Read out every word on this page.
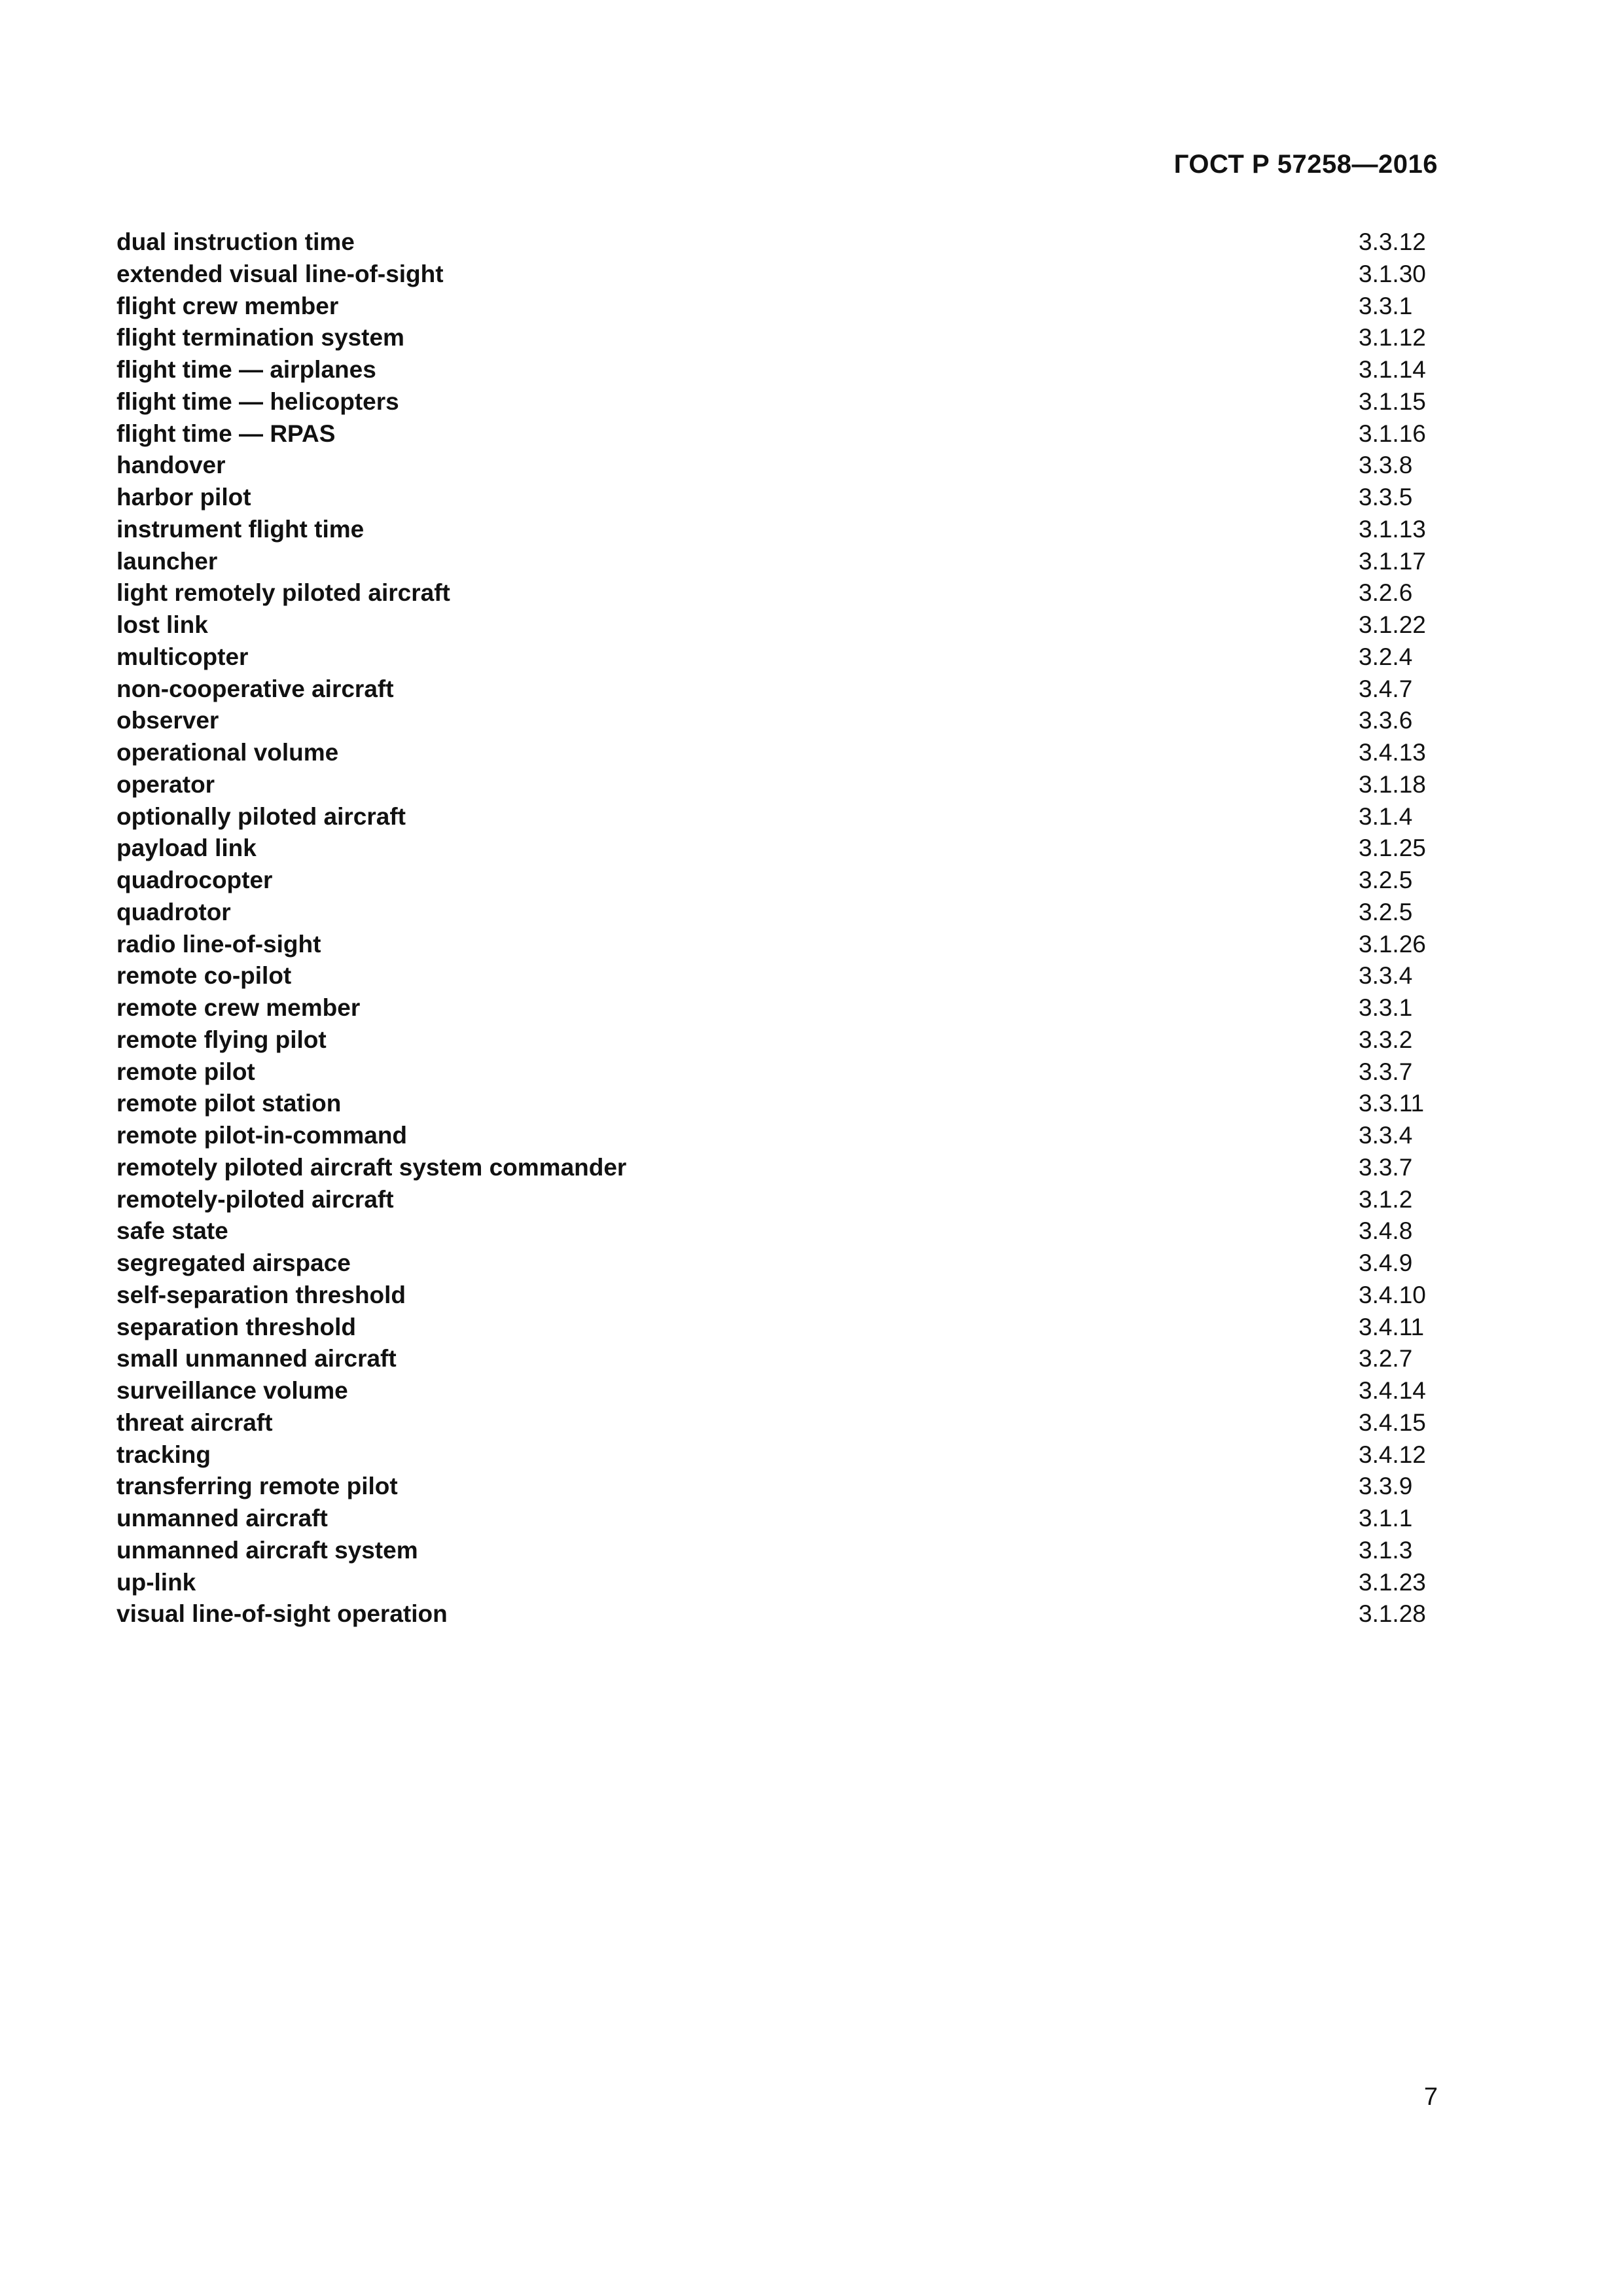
ГОСТ Р 57258—2016
dual instruction time	3.3.12
extended visual line-of-sight	3.1.30
flight crew member	3.3.1
flight termination system	3.1.12
flight time — airplanes	3.1.14
flight time — helicopters	3.1.15
flight time — RPAS	3.1.16
handover	3.3.8
harbor pilot	3.3.5
instrument flight time	3.1.13
launcher	3.1.17
light remotely piloted aircraft	3.2.6
lost link	3.1.22
multicopter	3.2.4
non-cooperative aircraft	3.4.7
observer	3.3.6
operational volume	3.4.13
operator	3.1.18
optionally piloted aircraft	3.1.4
payload link	3.1.25
quadrocopter	3.2.5
quadrotor	3.2.5
radio line-of-sight	3.1.26
remote co-pilot	3.3.4
remote crew member	3.3.1
remote flying pilot	3.3.2
remote pilot	3.3.7
remote pilot station	3.3.11
remote pilot-in-command	3.3.4
remotely piloted aircraft system commander	3.3.7
remotely-piloted aircraft	3.1.2
safe state	3.4.8
segregated airspace	3.4.9
self-separation threshold	3.4.10
separation threshold	3.4.11
small unmanned aircraft	3.2.7
surveillance volume	3.4.14
threat aircraft	3.4.15
tracking	3.4.12
transferring remote pilot	3.3.9
unmanned aircraft	3.1.1
unmanned aircraft system	3.1.3
up-link	3.1.23
visual line-of-sight operation	3.1.28
7
